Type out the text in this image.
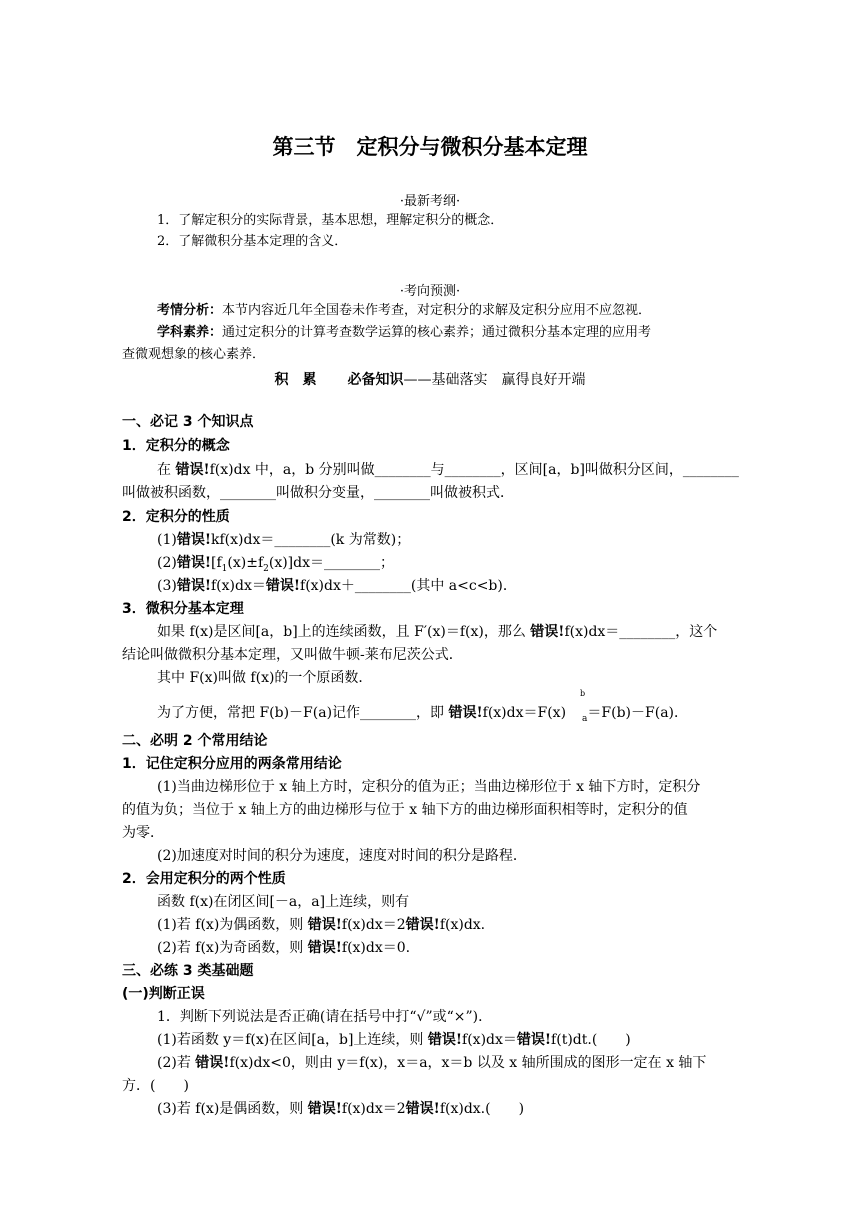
第三节　定积分与微积分基本定理
·最新考纲·
1．了解定积分的实际背景，基本思想，理解定积分的概念．
2．了解微积分基本定理的含义．
·考向预测·
考情分析：本节内容近几年全国卷未作考查，对定积分的求解及定积分应用不应忽视．
学科素养：通过定积分的计算考查数学运算的核心素养；通过微积分基本定理的应用考
查微观想象的核心素养．
积　累 必备知识——基础落实　赢得良好开端
一、必记 3 个知识点
1．定积分的概念
在 错误!f(x)dx 中，a，b 分别叫做________与________，区间[a，b]叫做积分区间，________
叫做被积函数，________叫做积分变量，________叫做被积式．
2．定积分的性质
(1)错误!kf(x)dx＝________(k 为常数)；
(2)错误$![f_1(x)\pm f_2(x)]dx=\_\_\_\_\_\_\_\_$；
(3)错误!f(x)dx＝错误!f(x)dx＋________(其中 a<c<b)．
3．微积分基本定理
如果 f(x)是区间[a，b]上的连续函数，且 F′(x)＝f(x)，那么 错误!f(x)dx＝________，这个
结论叫做微积分基本定理，又叫做牛顿-莱布尼茨公式．
其中 F(x)叫做 f(x)的一个原函数．
b
为了方便，常把 F(b)－F(a)记作________，即 错误!f(x)dx＝F(x) $_a$＝F(b)－F(a)．
二、必明 2 个常用结论
1．记住定积分应用的两条常用结论
(1)当曲边梯形位于 x 轴上方时，定积分的值为正；当曲边梯形位于 x 轴下方时，定积分
的值为负；当位于 x 轴上方的曲边梯形与位于 x 轴下方的曲边梯形面积相等时，定积分的值
为零．
(2)加速度对时间的积分为速度，速度对时间的积分是路程．
2．会用定积分的两个性质
函数 f(x)在闭区间[－a，a]上连续，则有
(1)若 f(x)为偶函数，则 错误!f(x)dx＝2错误!f(x)dx.
(2)若 f(x)为奇函数，则 错误!f(x)dx＝0.
三、必练 3 类基础题
(一)判断正误
1．判断下列说法是否正确(请在括号中打“√”或“×”)．
(1)若函数 y＝f(x)在区间[a，b]上连续，则 错误!f(x)dx＝错误!f(t)dt.(　　)
(2)若 错误!f(x)dx<0，则由 y＝f(x)，x＝a，x＝b 以及 x 轴所围成的图形一定在 x 轴下
方．(　　)
(3)若 f(x)是偶函数，则 错误!f(x)dx＝2错误!f(x)dx.(　　)
